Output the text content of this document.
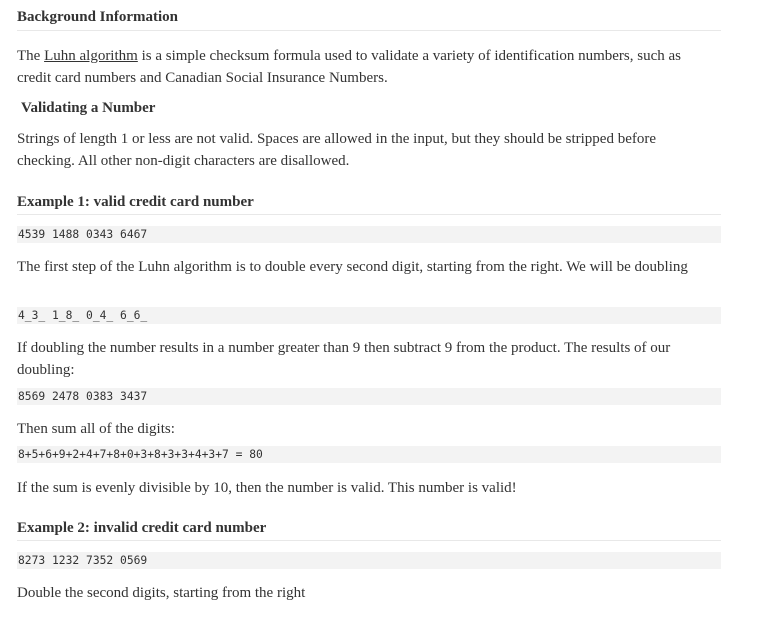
Background Information
The Luhn algorithm is a simple checksum formula used to validate a variety of identification numbers, such as credit card numbers and Canadian Social Insurance Numbers.
Validating a Number
Strings of length 1 or less are not valid. Spaces are allowed in the input, but they should be stripped before checking. All other non-digit characters are disallowed.
Example 1: valid credit card number
4539 1488 0343 6467
The first step of the Luhn algorithm is to double every second digit, starting from the right. We will be doubling
4_3_ 1_8_ 0_4_ 6_6_
If doubling the number results in a number greater than 9 then subtract 9 from the product. The results of our doubling:
8569 2478 0383 3437
Then sum all of the digits:
8+5+6+9+2+4+7+8+0+3+8+3+3+4+3+7 = 80
If the sum is evenly divisible by 10, then the number is valid. This number is valid!
Example 2: invalid credit card number
8273 1232 7352 0569
Double the second digits, starting from the right
